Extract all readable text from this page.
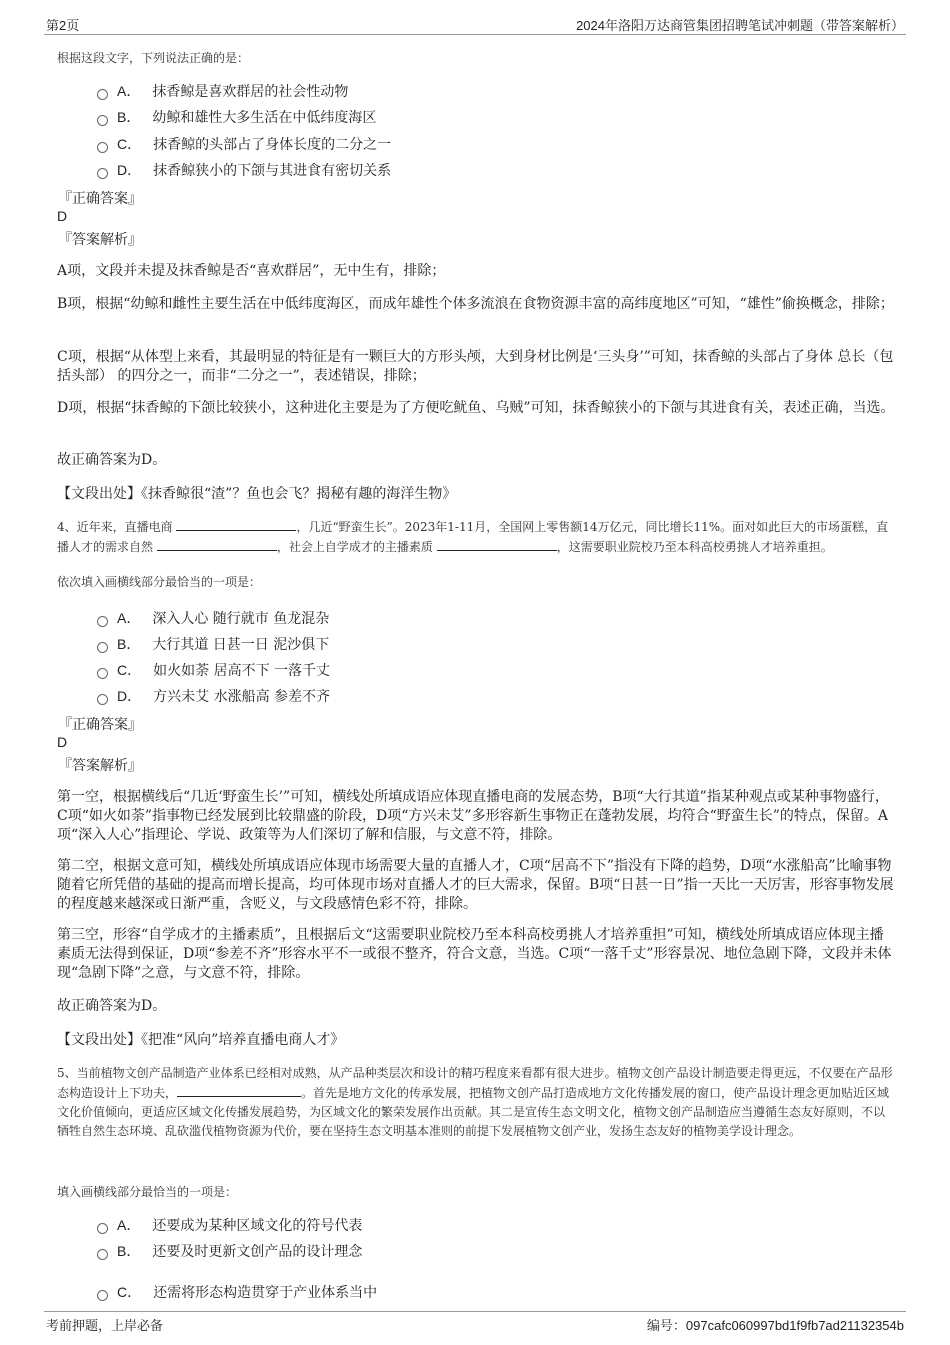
第2页	2024年洛阳万达商管集团招聘笔试冲刺题（带答案解析）
根据这段文字，下列说法正确的是：
A． 抹香鲸是喜欢群居的社会性动物
B． 幼鲸和雄性大多生活在中低纬度海区
C． 抹香鲸的头部占了身体长度的二分之一
D． 抹香鲸狭小的下颌与其进食有密切关系
『正确答案』
D
『答案解析』
A项，文段并未提及抹香鲸是否“喜欢群居”，无中生有，排除；
B项，根据“幼鲸和雌性主要生活在中低纬度海区，而成年雄性个体多流浪在食物资源丰富的高纬度地区”可知，“雄性”偷换概念，排除；
C项，根据“从体型上来看，其最明显的特征是有一颗巨大的方形头颅，大到身材比例是‘三头身’”可知，抹香鲸的头部占了身体 总长（包括头部） 的四分之一，而非“二分之一”，表述错误，排除；
D项，根据“抹香鲸的下颌比较狭小，这种进化主要是为了方便吃鱿鱼、乌贼”可知，抹香鲸狭小的下颌与其进食有关，表述正确，当选。
故正确答案为D。
【文段出处】《抹香鲸很“渣”？鱼也会飞？揭秘有趣的海洋生物》
4、近年来，直播电商	，几近“野蛮生长”。2023年1-11月，全国网上零售额14万亿元，同比增长11%。面对如此巨大的市场蛋糕，直播人才的需求自然	，社会上自学成才的主播素质	，这需要职业院校乃至本科高校勇挑人才培养重担。
依次填入画横线部分最恰当的一项是：
A． 深入人心 随行就市 鱼龙混杂
B． 大行其道 日甚一日 泥沙俱下
C． 如火如荼 居高不下 一落千丈
D． 方兴未艾 水涨船高 参差不齐
『正确答案』
D
『答案解析』
第一空，根据横线后“几近‘野蛮生长’”可知，横线处所填成语应体现直播电商的发展态势，B项“大行其道”指某种观点或某种事物盛行，C项“如火如荼”指事物已经发展到比较鼎盛的阶段，D项“方兴未艾”多形容新生事物正在蓬勃发展，均符合“野蛮生长”的特点，保留。A项“深入人心”指理论、学说、政策等为人们深切了解和信服，与文意不符，排除。
第二空，根据文意可知，横线处所填成语应体现市场需要大量的直播人才，C项“居高不下”指没有下降的趋势，D项“水涨船高”比喻事物随着它所凭借的基础的提高而增长提高，均可体现市场对直播人才的巨大需求，保留。B项“日甚一日”指一天比一天厉害，形容事物发展的程度越来越深或日渐严重，含贬义，与文段感情色彩不符，排除。
第三空，形容“自学成才的主播素质”，且根据后文“这需要职业院校乃至本科高校勇挑人才培养重担”可知，横线处所填成语应体现主播素质无法得到保证，D项“参差不齐”形容水平不一或很不整齐，符合文意，当选。C项“一落千丈”形容景况、地位急剧下降，文段并未体现“急剧下降”之意，与文意不符，排除。
故正确答案为D。
【文段出处】《把准“风向”培养直播电商人才》
5、当前植物文创产品制造产业体系已经相对成熟，从产品种类层次和设计的精巧程度来看都有很大进步。植物文创产品设计制造要走得更远，不仅要在产品形态构造设计上下功夫，	。首先是地方文化的传承发展，把植物文创产品打造成地方文化传播发展的窗口，使产品设计理念更加贴近区域文化价值倾向，更适应区域文化传播发展趋势，为区域文化的繁荣发展作出贡献。其二是宣传生态文明文化，植物文创产品制造应当遵循生态友好原则，不以牺牲自然生态环境、乱砍滥伐植物资源为代价，要在坚持生态文明基本准则的前提下发展植物文创产业，发扬生态友好的植物美学设计理念。
填入画横线部分最恰当的一项是：
A． 还要成为某种区域文化的符号代表
B． 还要及时更新文创产品的设计理念
C． 还需将形态构造贯穿于产业体系当中
考前押题，上岸必备	编号：097cafc060997bd1f9fb7ad21132354b
